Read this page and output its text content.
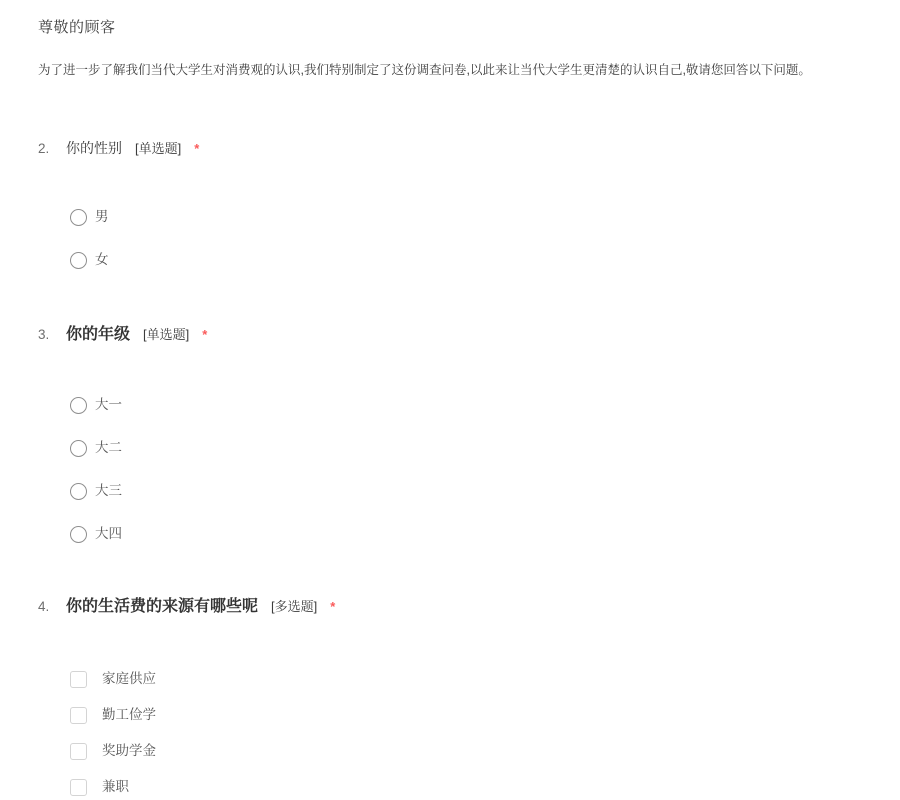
尊敬的顾客
为了进一步了解我们当代大学生对消费观的认识,我们特别制定了这份调查问卷,以此来让当代大学生更清楚的认识自己,敬请您回答以下问题。
2.	你的性别 [单选题] *
男
女
3.	你的年级 [单选题] *
大一
大二
大三
大四
4.	你的生活费的来源有哪些呢 [多选题] *
家庭供应
勤工俭学
奖助学金
兼职
